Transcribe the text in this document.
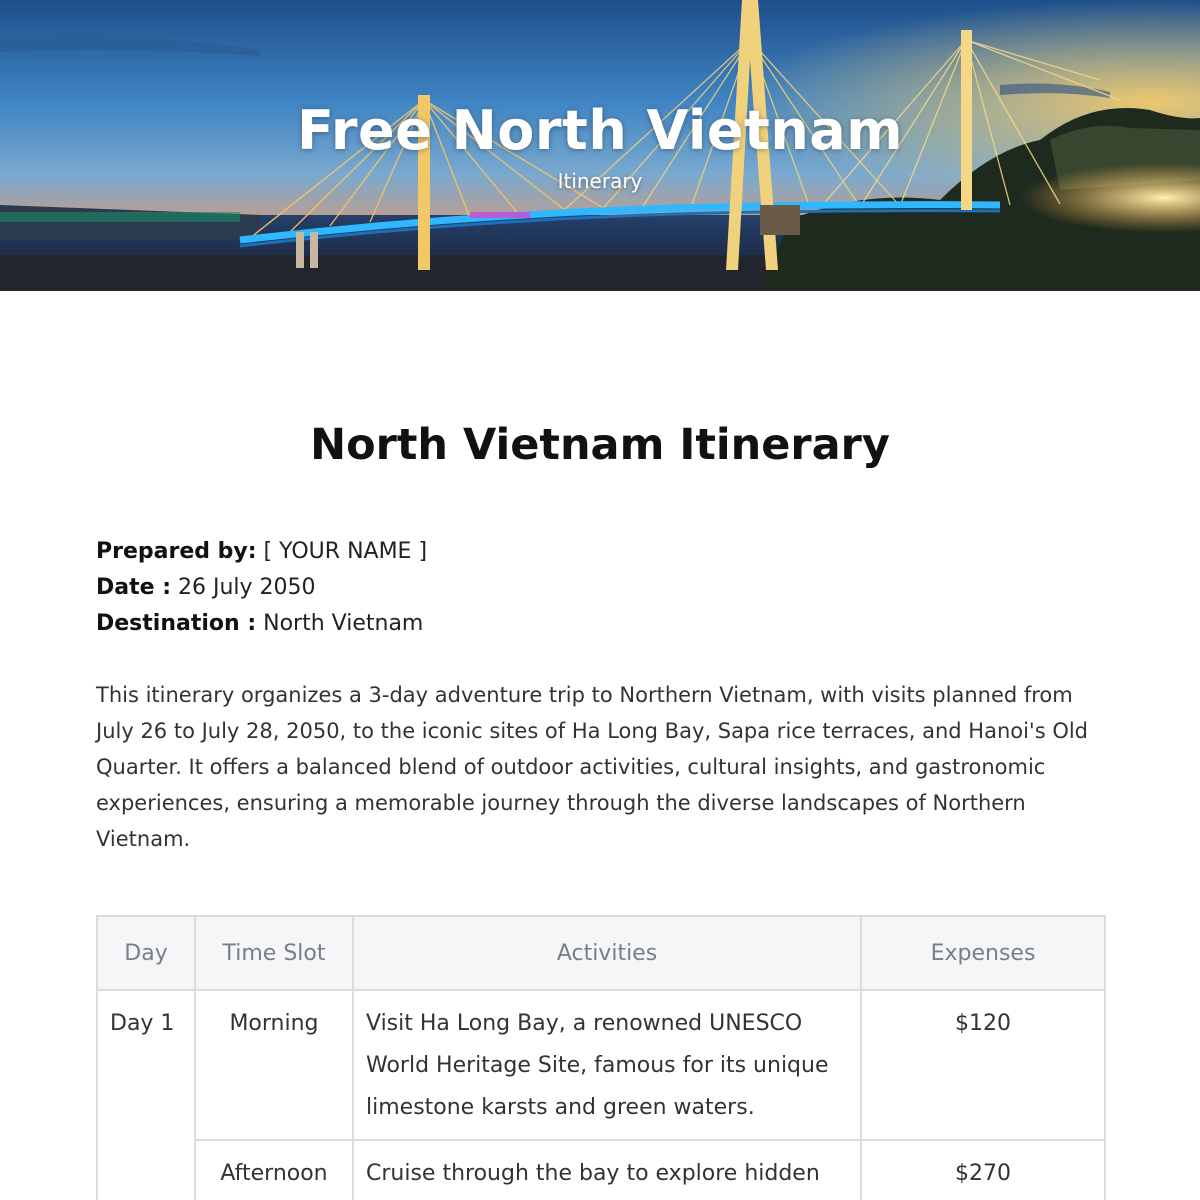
Free North Vietnam
Itinerary
North Vietnam Itinerary
Prepared by: [ YOUR NAME ]
Date : 26 July 2050
Destination : North Vietnam
This itinerary organizes a 3-day adventure trip to Northern Vietnam, with visits planned from July 26 to July 28, 2050, to the iconic sites of Ha Long Bay, Sapa rice terraces, and Hanoi's Old Quarter. It offers a balanced blend of outdoor activities, cultural insights, and gastronomic experiences, ensuring a memorable journey through the diverse landscapes of Northern Vietnam.
Day	Time Slot	Activities	Expenses
Day 1	Morning	Visit Ha Long Bay, a renowned UNESCO World Heritage Site, famous for its unique limestone karsts and green waters.	$120
	Afternoon	Cruise through the bay to explore hidden	$270
